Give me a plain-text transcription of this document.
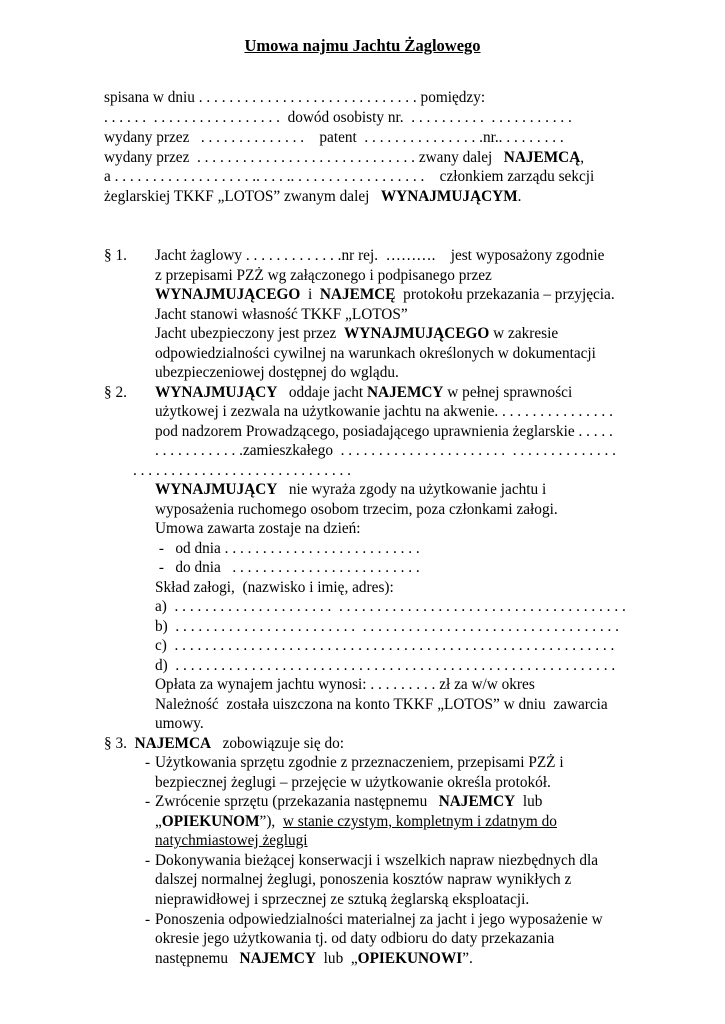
Umowa najmu Jachtu Żaglowego
spisana w dniu . . . . . . . . . . . . . . . . . . . . . . . . . . . . . pomiędzy:
. . . . . .  . . . . . . . . . . . . . . . . .  dowód osobisty nr.  . . . . . . . . . .  . . . . . . . . . . .
wydany przez   . . . . . . . . . . . . . .    patent  . . . . . . . . . . . . . . . .nr.. . . . . . . . .
wydany przez  . . . . . . . . . . . . . . . . . . . . . . . . . . . . . zwany dalej   NAJEMCĄ,
a . . . . . . . . . . . . . . . . . . .. . . . .. . . . . . . . . . . . . . . . . .    członkiem zarządu sekcji
żeglarskiej TKKF „LOTOS” zwanym dalej   WYNAJMUJĄCYM.
§ 1. Jacht żaglowy . . . . . . . . . . . . .nr rej.  ……….    jest wyposażony zgodnie
z przepisami PZŻ wg załączonego i podpisanego przez
WYNAJMUJĄCEGO  i  NAJEMCĘ  protokołu przekazania – przyjęcia.
Jacht stanowi własność TKKF „LOTOS”
Jacht ubezpieczony jest przez  WYNAJMUJĄCEGO w zakresie
odpowiedzialności cywilnej na warunkach określonych w dokumentacji
ubezpieczeniowej dostępnej do wglądu.
§ 2. WYNAJMUJĄCY   oddaje jacht NAJEMCY w pełnej sprawności
użytkowej i zezwala na użytkowanie jachtu na akwenie. . . . . . . . . . . . . . . .
pod nadzorem Prowadzącego, posiadającego uprawnienia żeglarskie . . . . .
. . . . . . . . . . . .zamieszkałego  . . . . . . . . . . . . . . . . . . . . . .  . . . . . . . . . . . . . .
. . . . . . . . . . . . . . . . . . . . . . . . . . . . .
WYNAJMUJĄCY   nie wyraża zgody na użytkowanie jachtu i
wyposażenia ruchomego osobom trzecim, poza członkami załogi.
Umowa zawarta zostaje na dzień:
-   od dnia . . . . . . . . . . . . . . . . . . . . . . . . . .
-   do dnia   . . . . . . . . . . . . . . . . . . . . . . . . .
Skład załogi,  (nazwisko i imię, adres):
a)  . . . . . . . . . . . . . . . . . . . . .  . . . . . . . . . . . . . . . . . . . . . . . . . . . . . . . . . . . . . .
b)  . . . . . . . . . . . . . . . . . . . . . . . .  . . . . . . . . . . . . . . . . . . . . . . . . . . . . . . . . . .
c)  . . . . . . . . . . . . . . . . . . . . . . . . . . . . . . . . . . . . . . . . . . . . . . . . . . . . . . . . . .
d)  . . . . . . . . . . . . . . . . . . . . . . . . . . . . . . . . . . . . . . . . . . . . . . . . . . . . . . . . . .
Opłata za wynajem jachtu wynosi: . . . . . . . . . zł za w/w okres
Należność  została uiszczona na konto TKKF „LOTOS” w dniu  zawarcia
umowy.
§ 3. NAJEMCA   zobowiązuje się do:
- Użytkowania sprzętu zgodnie z przeznaczeniem, przepisami PZŻ i
bezpiecznej żeglugi – przejęcie w użytkowanie określa protokół.
- Zwrócenie sprzętu (przekazania następnemu   NAJEMCY  lub
„OPIEKUNOM”),  w stanie czystym, kompletnym i zdatnym do
natychmiastowej żeglugi
- Dokonywania bieżącej konserwacji i wszelkich napraw niezbędnych dla
dalszej normalnej żeglugi, ponoszenia kosztów napraw wynikłych z
nieprawidłowej i sprzecznej ze sztuką żeglarską eksploatacji.
- Ponoszenia odpowiedzialności materialnej za jacht i jego wyposażenie w
okresie jego użytkowania tj. od daty odbioru do daty przekazania
następnemu   NAJEMCY  lub  „OPIEKUNOWI”.
